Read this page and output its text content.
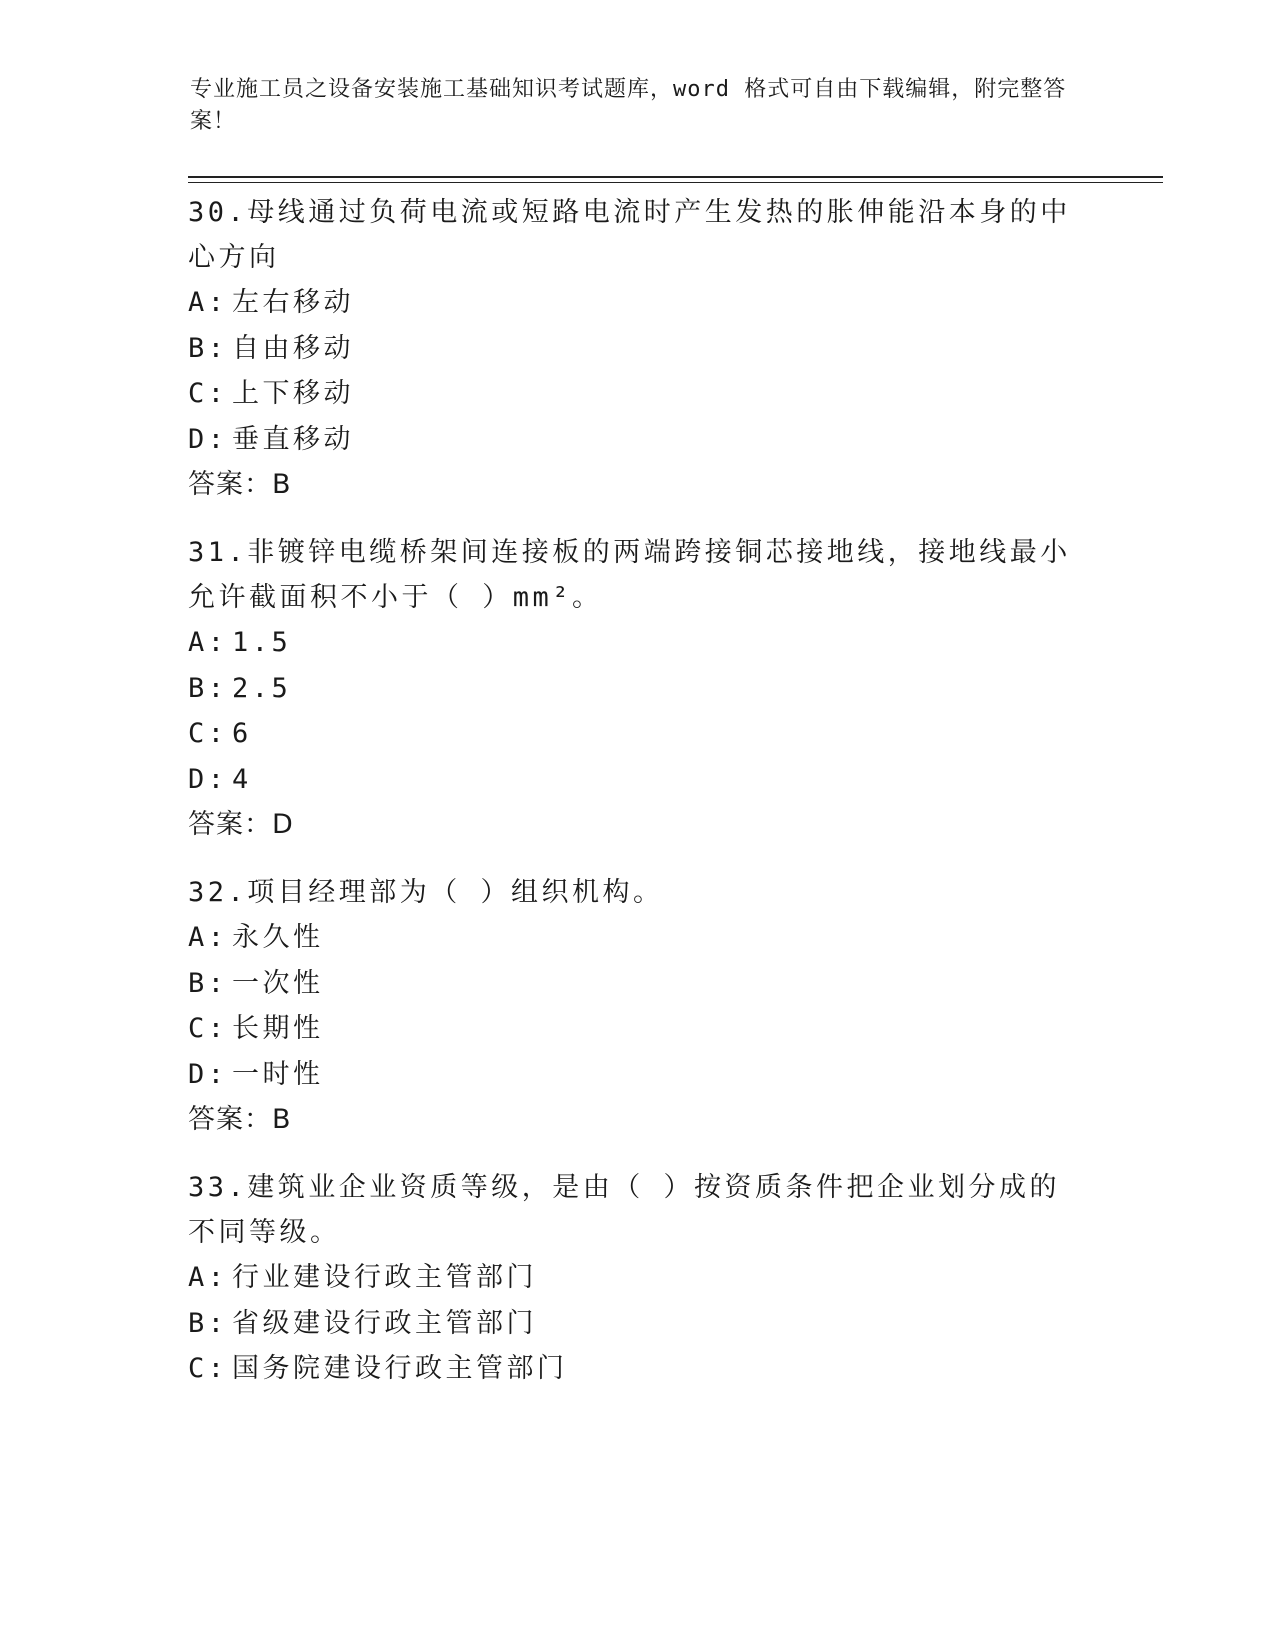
专业施工员之设备安装施工基础知识考试题库，word 格式可自由下载编辑，附完整答案！
30.母线通过负荷电流或短路电流时产生发热的胀伸能沿本身的中心方向
A: 左右移动
B: 自由移动
C: 上下移动
D: 垂直移动
答案：B
31.非镀锌电缆桥架间连接板的两端跨接铜芯接地线，接地线最小允许截面积不小于（ ）mm²。
A: 1.5
B: 2.5
C: 6
D: 4
答案：D
32.项目经理部为（ ）组织机构。
A: 永久性
B: 一次性
C: 长期性
D: 一时性
答案：B
33.建筑业企业资质等级，是由（ ）按资质条件把企业划分成的不同等级。
A: 行业建设行政主管部门
B: 省级建设行政主管部门
C: 国务院建设行政主管部门
